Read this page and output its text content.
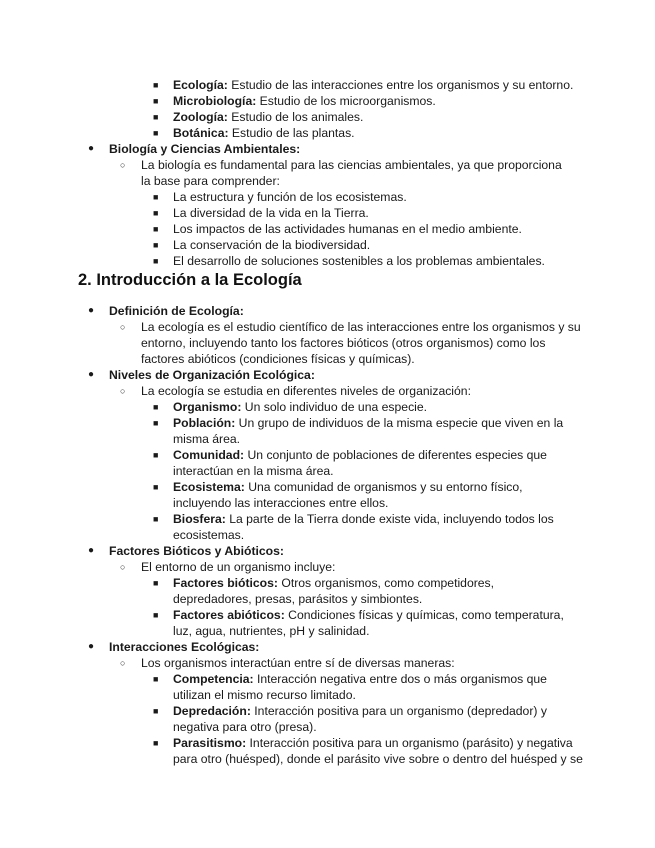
■ Ecología: Estudio de las interacciones entre los organismos y su entorno.
■ Microbiología: Estudio de los microorganismos.
■ Zoología: Estudio de los animales.
■ Botánica: Estudio de las plantas.
● Biología y Ciencias Ambientales:
○ La biología es fundamental para las ciencias ambientales, ya que proporciona la base para comprender:
■ La estructura y función de los ecosistemas.
■ La diversidad de la vida en la Tierra.
■ Los impactos de las actividades humanas en el medio ambiente.
■ La conservación de la biodiversidad.
■ El desarrollo de soluciones sostenibles a los problemas ambientales.
2. Introducción a la Ecología
● Definición de Ecología:
○ La ecología es el estudio científico de las interacciones entre los organismos y su entorno, incluyendo tanto los factores bióticos (otros organismos) como los factores abióticos (condiciones físicas y químicas).
● Niveles de Organización Ecológica:
○ La ecología se estudia en diferentes niveles de organización:
■ Organismo: Un solo individuo de una especie.
■ Población: Un grupo de individuos de la misma especie que viven en la misma área.
■ Comunidad: Un conjunto de poblaciones de diferentes especies que interactúan en la misma área.
■ Ecosistema: Una comunidad de organismos y su entorno físico, incluyendo las interacciones entre ellos.
■ Biosfera: La parte de la Tierra donde existe vida, incluyendo todos los ecosistemas.
● Factores Bióticos y Abióticos:
○ El entorno de un organismo incluye:
■ Factores bióticos: Otros organismos, como competidores, depredadores, presas, parásitos y simbiontes.
■ Factores abióticos: Condiciones físicas y químicas, como temperatura, luz, agua, nutrientes, pH y salinidad.
● Interacciones Ecológicas:
○ Los organismos interactúan entre sí de diversas maneras:
■ Competencia: Interacción negativa entre dos o más organismos que utilizan el mismo recurso limitado.
■ Depredación: Interacción positiva para un organismo (depredador) y negativa para otro (presa).
■ Parasitismo: Interacción positiva para un organismo (parásito) y negativa para otro (huésped), donde el parásito vive sobre o dentro del huésped y se
